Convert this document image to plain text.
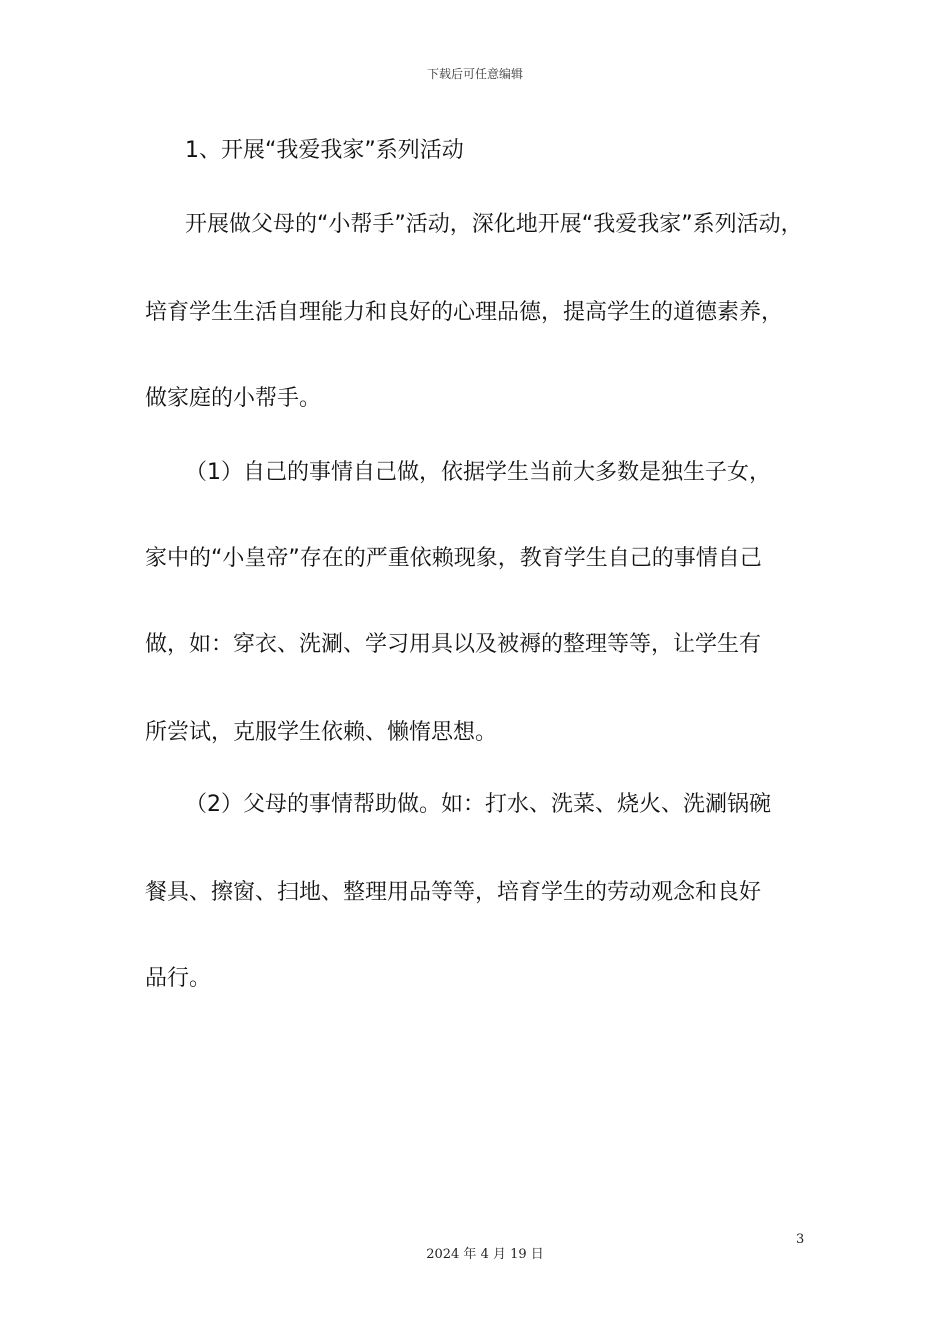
下载后可任意编辑
1、开展“我爱我家”系列活动
开展做父母的“小帮手”活动，深化地开展“我爱我家”系列活动，
培育学生生活自理能力和良好的心理品德，提高学生的道德素养，
做家庭的小帮手。
（1）自己的事情自己做，依据学生当前大多数是独生子女，
家中的“小皇帝”存在的严重依赖现象，教育学生自己的事情自己
做，如：穿衣、洗涮、学习用具以及被褥的整理等等，让学生有
所尝试，克服学生依赖、懒惰思想。
（2）父母的事情帮助做。如：打水、洗菜、烧火、洗涮锅碗
餐具、擦窗、扫地、整理用品等等，培育学生的劳动观念和良好
品行。
3
2024 年 4 月 19 日
